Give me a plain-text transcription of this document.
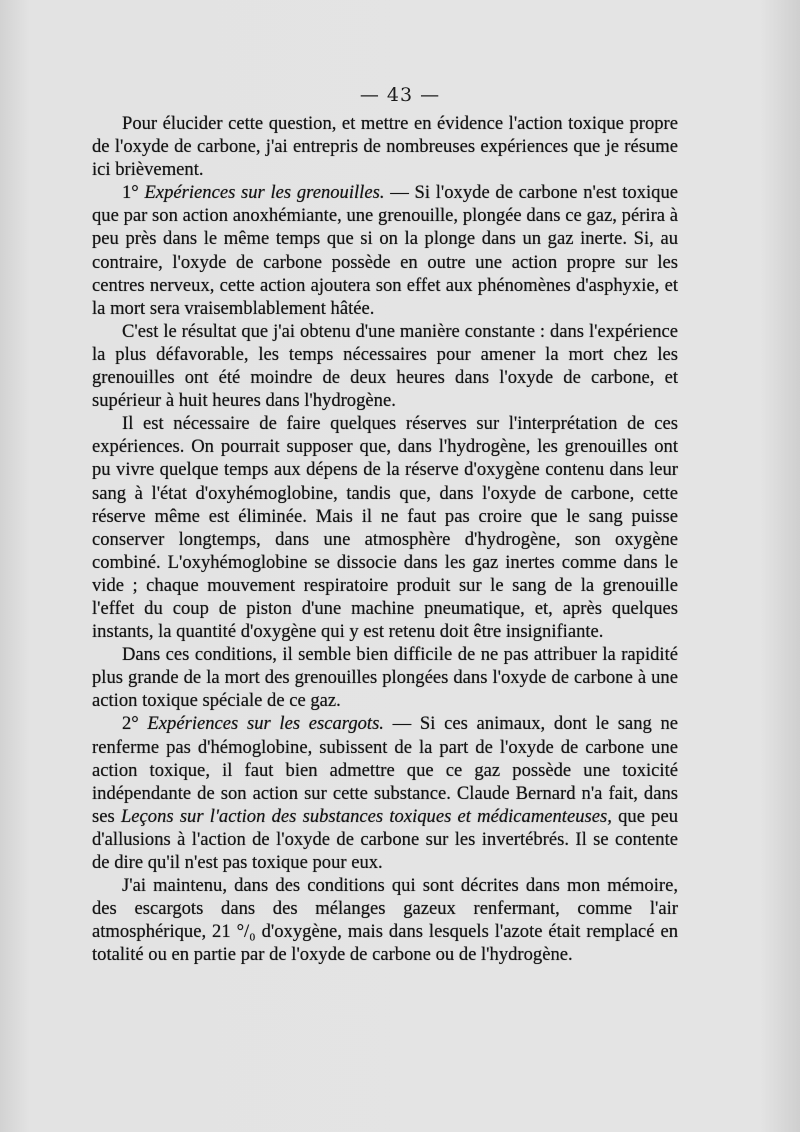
— 43 —

Pour élucider cette question, et mettre en évidence l'action toxique propre de l'oxyde de carbone, j'ai entrepris de nombreuses expériences que je résume ici brièvement.

1° Expériences sur les grenouilles. — Si l'oxyde de carbone n'est toxique que par son action anoxhémiante, une grenouille, plongée dans ce gaz, périra à peu près dans le même temps que si on la plonge dans un gaz inerte. Si, au contraire, l'oxyde de carbone possède en outre une action propre sur les centres nerveux, cette action ajoutera son effet aux phénomènes d'asphyxie, et la mort sera vraisemblablement hâtée.

C'est le résultat que j'ai obtenu d'une manière constante : dans l'expérience la plus défavorable, les temps nécessaires pour amener la mort chez les grenouilles ont été moindre de deux heures dans l'oxyde de carbone, et supérieur à huit heures dans l'hydrogène.

Il est nécessaire de faire quelques réserves sur l'interprétation de ces expériences. On pourrait supposer que, dans l'hydrogène, les grenouilles ont pu vivre quelque temps aux dépens de la réserve d'oxygène contenu dans leur sang à l'état d'oxyhémoglobine, tandis que, dans l'oxyde de carbone, cette réserve même est éliminée. Mais il ne faut pas croire que le sang puisse conserver longtemps, dans une atmosphère d'hydrogène, son oxygène combiné. L'oxyhémoglobine se dissocie dans les gaz inertes comme dans le vide ; chaque mouvement respiratoire produit sur le sang de la grenouille l'effet du coup de piston d'une machine pneumatique, et, après quelques instants, la quantité d'oxygène qui y est retenu doit être insignifiante.

Dans ces conditions, il semble bien difficile de ne pas attribuer la rapidité plus grande de la mort des grenouilles plongées dans l'oxyde de carbone à une action toxique spéciale de ce gaz.

2° Expériences sur les escargots. — Si ces animaux, dont le sang ne renferme pas d'hémoglobine, subissent de la part de l'oxyde de carbone une action toxique, il faut bien admettre que ce gaz possède une toxicité indépendante de son action sur cette substance. Claude Bernard n'a fait, dans ses Leçons sur l'action des substances toxiques et médicamenteuses, que peu d'allusions à l'action de l'oxyde de carbone sur les invertébrés. Il se contente de dire qu'il n'est pas toxique pour eux.

J'ai maintenu, dans des conditions qui sont décrites dans mon mémoire, des escargots dans des mélanges gazeux renfermant, comme l'air atmosphérique, 21 °/₀ d'oxygène, mais dans lesquels l'azote était remplacé en totalité ou en partie par de l'oxyde de carbone ou de l'hydrogène.
